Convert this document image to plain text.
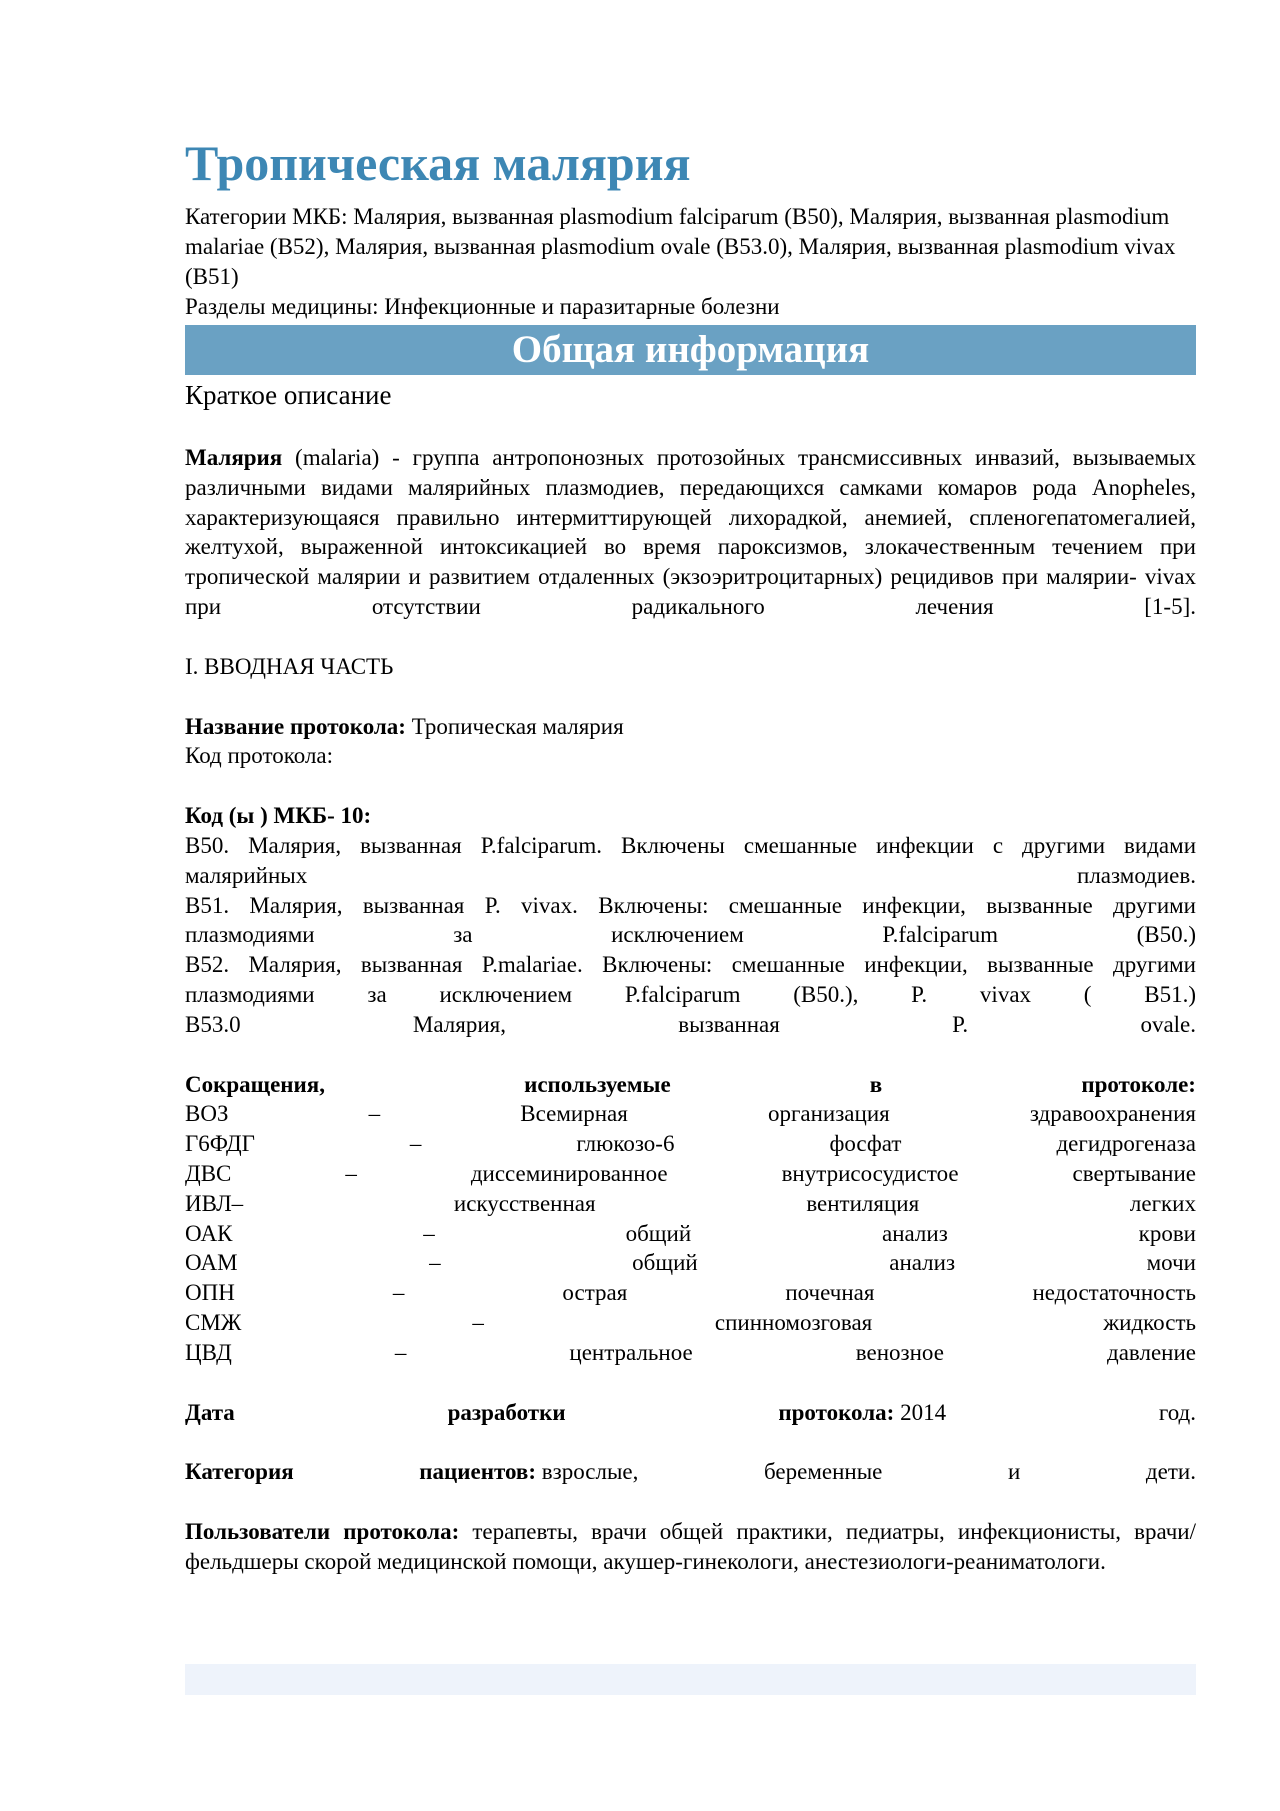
Тропическая малярия
Категории МКБ: Малярия, вызванная plasmodium falciparum (B50), Малярия, вызванная plasmodium malariae (B52), Малярия, вызванная plasmodium ovale (B53.0), Малярия, вызванная plasmodium vivax (B51)
Разделы медицины: Инфекционные и паразитарные болезни
Общая информация
Краткое описание
Малярия (malaria) - группа антропонозных протозойных трансмиссивных инвазий, вызываемых различными видами малярийных плазмодиев, передающихся самками комаров рода Anopheles, характеризующаяся правильно интермиттирующей лихорадкой, анемией, спленогепатомегалией, желтухой, выраженной интоксикацией во время пароксизмов, злокачественным течением при тропической малярии и развитием отдаленных (экзоэритроцитарных) рецидивов при малярии- vivax при отсутствии радикального лечения [1-5].
I. ВВОДНАЯ ЧАСТЬ
Название протокола: Тропическая малярия
Код протокола:
Код (ы ) МКБ- 10:
В50. Малярия, вызванная P.falciparum. Включены смешанные инфекции с другими видами малярийных плазмодиев.
В51. Малярия, вызванная P. vivax. Включены: смешанные инфекции, вызванные другими плазмодиями за исключением P.falciparum (В50.)
В52. Малярия, вызванная P.malariae. Включены: смешанные инфекции, вызванные другими плазмодиями за исключением P.falciparum (В50.), P. vivax ( В51.)
В53.0 Малярия, вызванная P. ovale.
Сокращения,	используемые	в	протоколе:
ВОЗ	–	Всемирная	организация	здравоохранения
Г6ФДГ	–	глюкозо-6	фосфат	дегидрогеназа
ДВС	–	диссеминированное	внутрисосудистое	свертывание
ИВЛ–	искусственная	вентиляция	легких
ОАК	–	общий	анализ	крови
ОАМ	–	общий	анализ	мочи
ОПН	–	острая	почечная	недостаточность
СМЖ	–	спинномозговая	жидкость
ЦВД	–	центральное	венозное	давление
Дата	разработки	протокола: 2014	год.
Категория	пациентов: взрослые,	беременные	и	дети.
Пользователи протокола: терапевты, врачи общей практики, педиатры, инфекционисты, врачи/фельдшеры скорой медицинской помощи, акушер-гинекологи, анестезиологи-реаниматологи.
